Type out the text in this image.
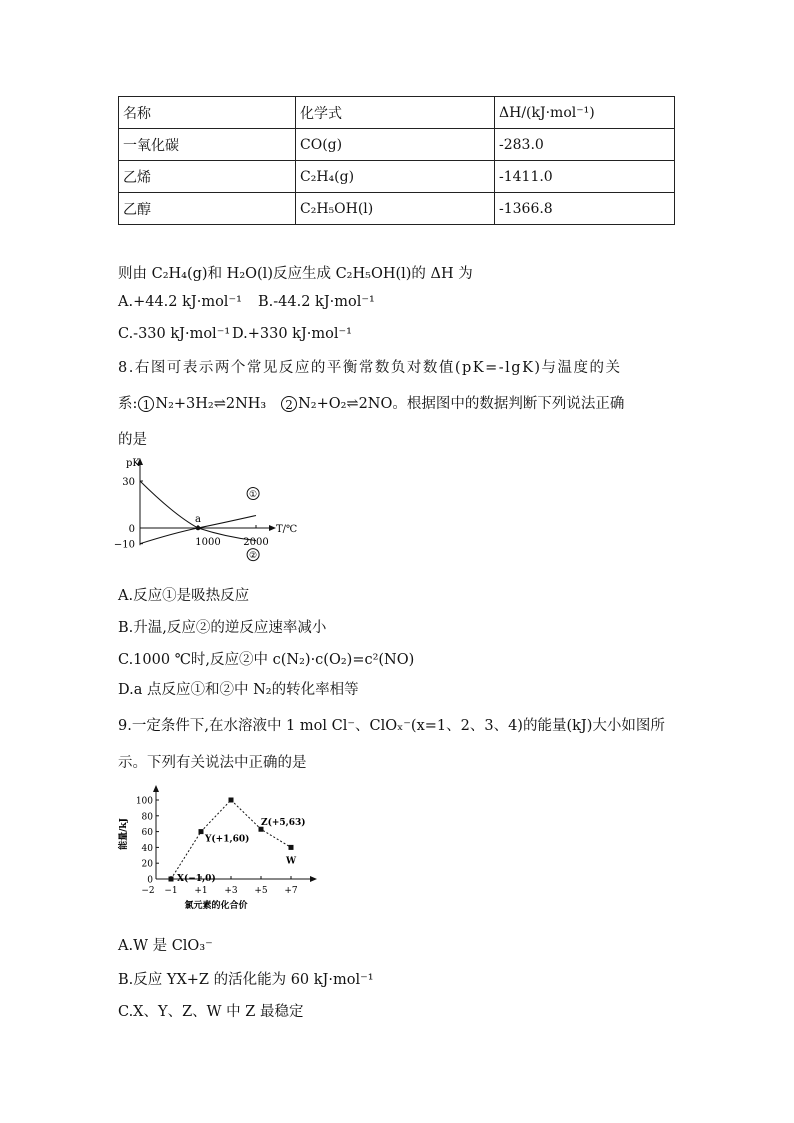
名称	化学式	ΔH/(kJ·mol⁻¹)
一氧化碳	CO(g)	-283.0
乙烯	C₂H₄(g)	-1411.0
乙醇	C₂H₅OH(l)	-1366.8
则由 C₂H₄(g)和 H₂O(l)反应生成 C₂H₅OH(l)的 ΔH 为
A.+44.2 kJ·mol⁻¹ B.-44.2 kJ·mol⁻¹
C.-330 kJ·mol⁻¹ D.+330 kJ·mol⁻¹
8.右图可表示两个常见反应的平衡常数负对数值(pK=-lgK)与温度的关
系: 1 N₂+3H₂⇌2NH₃ 2 N₂+O₂⇌2NO。根据图中的数据判断下列说法正确
的是
pK
T/℃
30
0
−10	1000 2000
a
①
②
A.反应①是吸热反应
B.升温,反应②的逆反应速率减小
C.1000 ℃时,反应②中 c(N₂)·c(O₂)=c²(NO)
D.a 点反应①和②中 N₂的转化率相等
9.一定条件下,在水溶液中 1 mol Cl⁻、ClOₓ⁻(x=1、2、3、4)的能量(kJ)大小如图所
示。下列有关说法中正确的是
能量/kJ
0
20
40
60
80
100
−2 −1 +1 +3 +5 +7
氯元素的化合价
X(−1,0)
Y(+1,60)
Z(+5,63)
W
A.W 是 ClO₃⁻
B.反应 YX+Z 的活化能为 60 kJ·mol⁻¹
C.X、Y、Z、W 中 Z 最稳定
